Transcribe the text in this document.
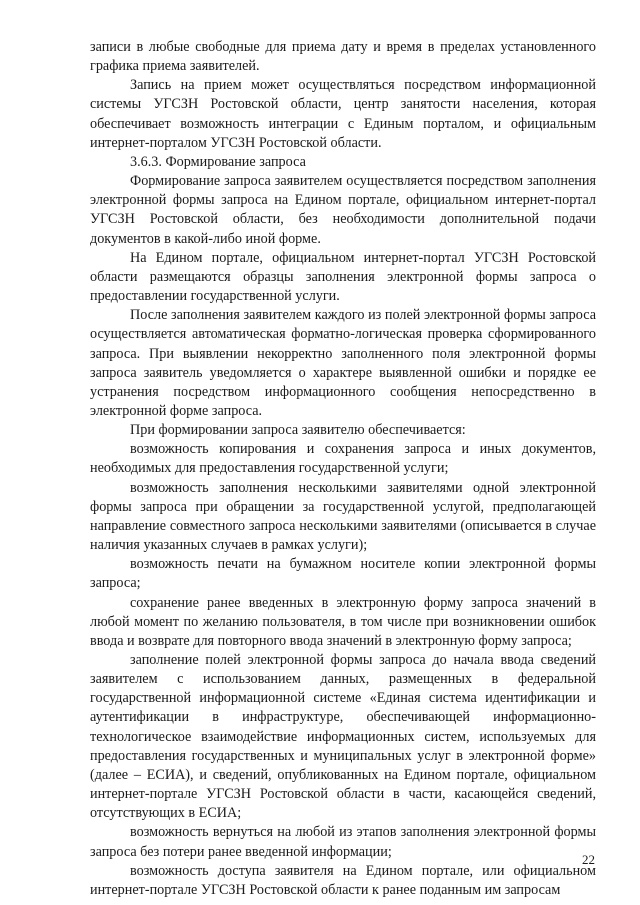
записи в любые свободные для приема дату и время в пределах установленного графика приема заявителей.

Запись на прием может осуществляться посредством информационной системы УГСЗН Ростовской области, центр занятости населения, которая обеспечивает возможность интеграции с Единым порталом, и официальным интернет-порталом УГСЗН Ростовской области.

3.6.3. Формирование запроса

Формирование запроса заявителем осуществляется посредством заполнения электронной формы запроса на Едином портале, официальном интернет-портал УГСЗН Ростовской области, без необходимости дополнительной подачи документов в какой-либо иной форме.

На Едином портале, официальном интернет-портал УГСЗН Ростовской области размещаются образцы заполнения электронной формы запроса о предоставлении государственной услуги.

После заполнения заявителем каждого из полей электронной формы запроса осуществляется автоматическая форматно-логическая проверка сформированного запроса. При выявлении некорректно заполненного поля электронной формы запроса заявитель уведомляется о характере выявленной ошибки и порядке ее устранения посредством информационного сообщения непосредственно в электронной форме запроса.

При формировании запроса заявителю обеспечивается:

возможность копирования и сохранения запроса и иных документов, необходимых для предоставления государственной услуги;

возможность заполнения несколькими заявителями одной электронной формы запроса при обращении за государственной услугой, предполагающей направление совместного запроса несколькими заявителями (описывается в случае наличия указанных случаев в рамках услуги);

возможность печати на бумажном носителе копии электронной формы запроса;

сохранение ранее введенных в электронную форму запроса значений в любой момент по желанию пользователя, в том числе при возникновении ошибок ввода и возврате для повторного ввода значений в электронную форму запроса;

заполнение полей электронной формы запроса до начала ввода сведений заявителем с использованием данных, размещенных в федеральной государственной информационной системе «Единая система идентификации и аутентификации в инфраструктуре, обеспечивающей информационно-технологическое взаимодействие информационных систем, используемых для предоставления государственных и муниципальных услуг в электронной форме» (далее – ЕСИА), и сведений, опубликованных на Едином портале, официальном интернет-портале УГСЗН Ростовской области в части, касающейся сведений, отсутствующих в ЕСИА;

возможность вернуться на любой из этапов заполнения электронной формы запроса без потери ранее введенной информации;

возможность доступа заявителя на Едином портале, или официальном интернет-портале УГСЗН Ростовской области к ранее поданным им запросам

22
